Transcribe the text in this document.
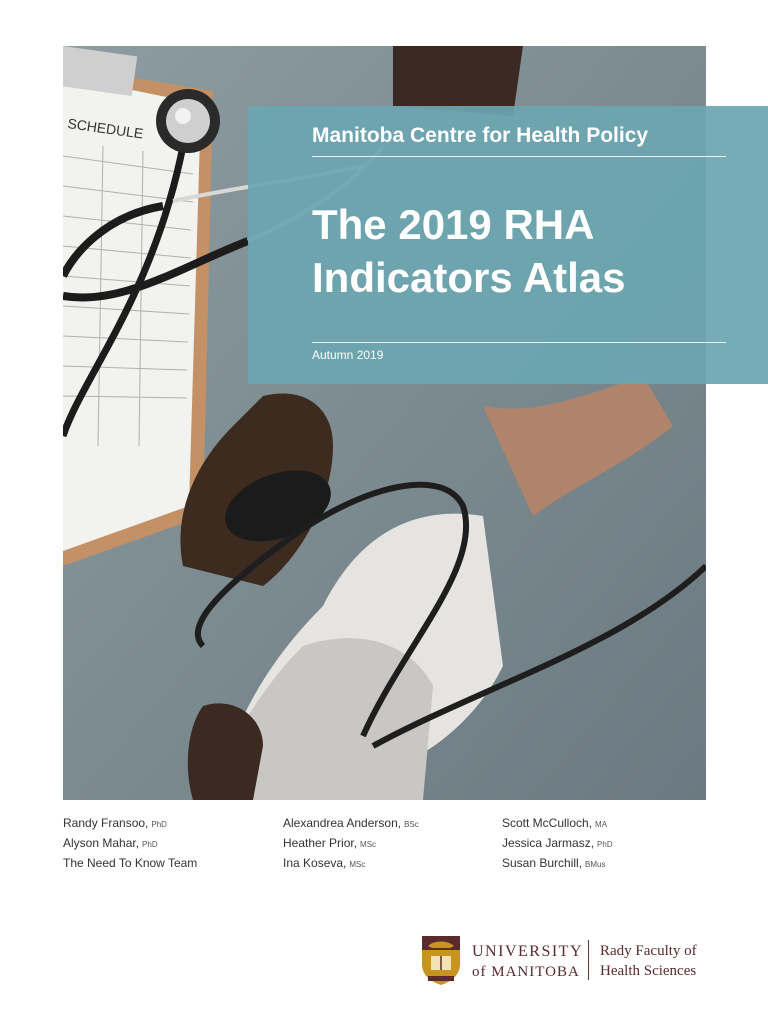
SCHEDULE	Manitoba Centre for Health Policy
The 2019 RHA Indicators Atlas
Autumn 2019
Randy Fransoo, PhD
Alyson Mahar, PhD
The Need To Know Team
Alexandrea Anderson, BSc
Heather Prior, MSc
Ina Koseva, MSc
Scott McCulloch, MA
Jessica Jarmasz, PhD
Susan Burchill, BMus
UNIVERSITY
of MANITOBA
Rady Faculty of
Health Sciences
